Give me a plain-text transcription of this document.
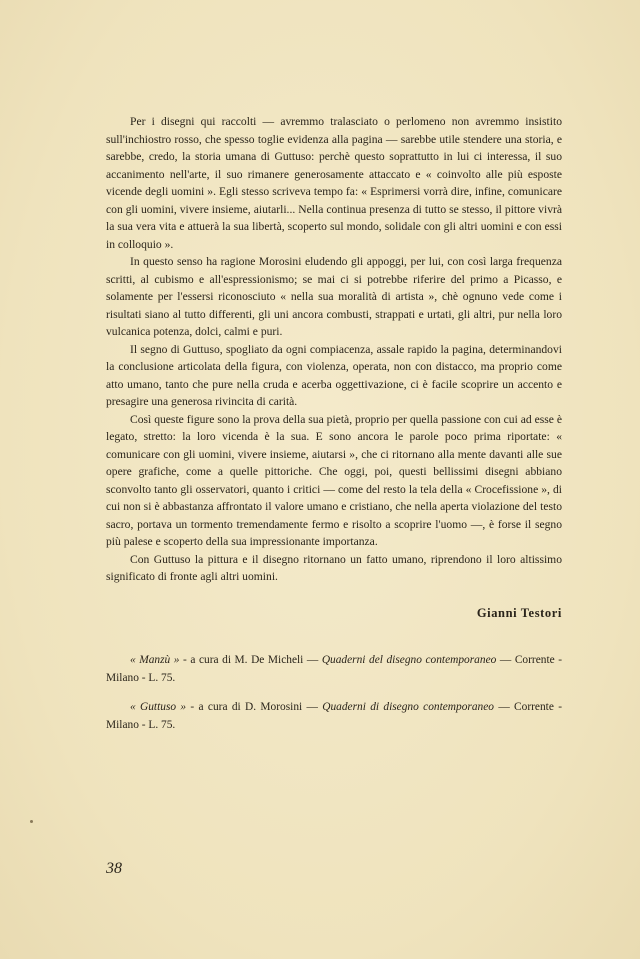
Per i disegni qui raccolti — avremmo tralasciato o perlomeno non avremmo insistito sull'inchiostro rosso, che spesso toglie evidenza alla pagina — sarebbe utile stendere una storia, e sarebbe, credo, la storia umana di Guttuso: perchè questo soprattutto in lui ci interessa, il suo accanimento nell'arte, il suo rimanere generosamente attaccato e « coinvolto alle più esposte vicende degli uomini ». Egli stesso scriveva tempo fa: « Esprimersi vorrà dire, infine, comunicare con gli uomini, vivere insieme, aiutarli... Nella continua presenza di tutto se stesso, il pittore vivrà la sua vera vita e attuerà la sua libertà, scoperto sul mondo, solidale con gli altri uomini e con essi in colloquio ».

In questo senso ha ragione Morosini eludendo gli appoggi, per lui, con così larga frequenza scritti, al cubismo e all'espressionismo; se mai ci si potrebbe riferire del primo a Picasso, e solamente per l'essersi riconosciuto « nella sua moralità di artista », chè ognuno vede come i risultati siano al tutto differenti, gli uni ancora combusti, strappati e urtati, gli altri, pur nella loro vulcanica potenza, dolci, calmi e puri.

Il segno di Guttuso, spogliato da ogni compiacenza, assale rapido la pagina, determinandovi la conclusione articolata della figura, con violenza, operata, non con distacco, ma proprio come atto umano, tanto che pure nella cruda e acerba oggettivazione, ci è facile scoprire un accento e presagire una generosa rivincita di carità.

Così queste figure sono la prova della sua pietà, proprio per quella passione con cui ad esse è legato, stretto: la loro vicenda è la sua. E sono ancora le parole poco prima riportate: « comunicare con gli uomini, vivere insieme, aiutarsi », che ci ritornano alla mente davanti alle sue opere grafiche, come a quelle pittoriche. Che oggi, poi, questi bellissimi disegni abbiano sconvolto tanto gli osservatori, quanto i critici — come del resto la tela della « Crocefissione », di cui non si è abbastanza affrontato il valore umano e cristiano, che nella aperta violazione del testo sacro, portava un tormento tremendamente fermo e risolto a scoprire l'uomo —, è forse il segno più palese e scoperto della sua impressionante importanza.

Con Guttuso la pittura e il disegno ritornano un fatto umano, riprendono il loro altissimo significato di fronte agli altri uomini.

Gianni Testori

« Manzù » - a cura di M. De Micheli — Quaderni del disegno contemporaneo — Corrente - Milano - L. 75.

« Guttuso » - a cura di D. Morosini — Quaderni di disegno contemporaneo — Corrente - Milano - L. 75.

38
